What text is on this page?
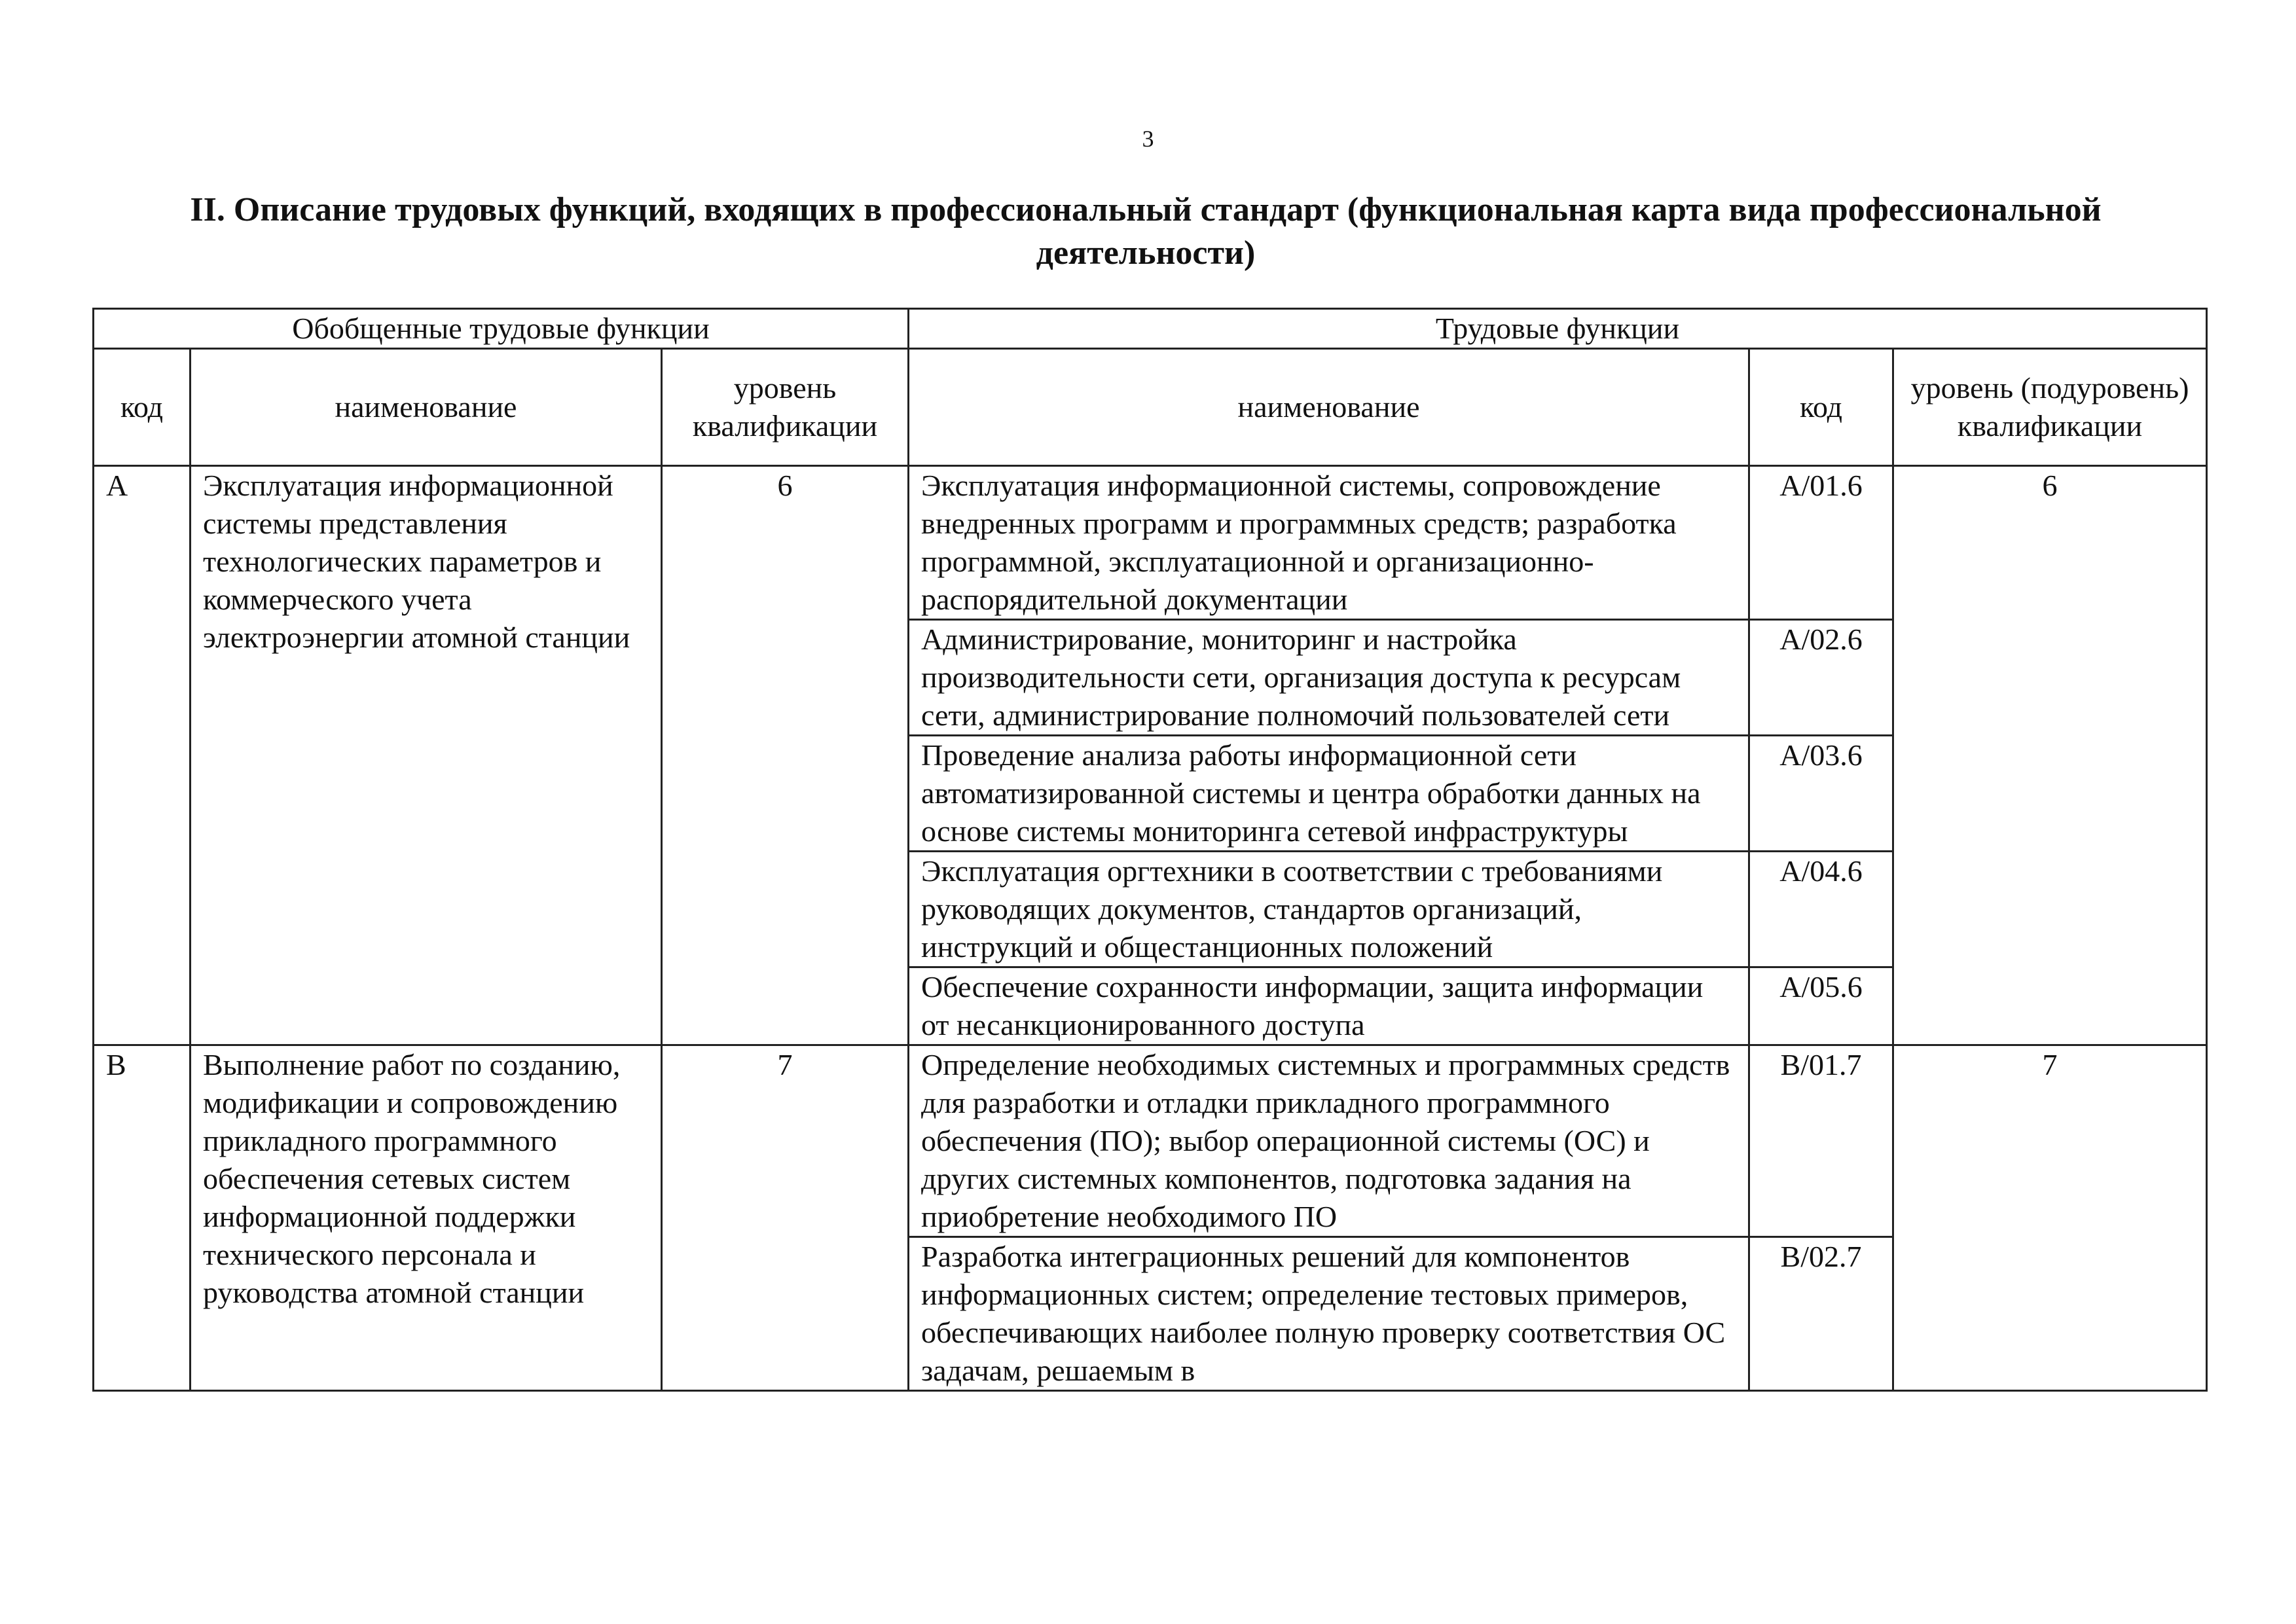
3
II. Описание трудовых функций, входящих в профессиональный стандарт (функциональная карта вида профессиональной деятельности)
Обобщенные трудовые функции			Трудовые функции		
код	наименование	уровень квалификации	наименование	код	уровень (подуровень) квалификации
A	Эксплуатация информационной системы представления технологических параметров и коммерческого учета электроэнергии атомной станции	6	Эксплуатация информационной системы, сопровождение внедренных программ и программных средств; разработка программной, эксплуатационной и организационно-распорядительной документации	A/01.6	6
			Администрирование, мониторинг и настройка производительности сети, организация доступа к ресурсам сети, администрирование полномочий пользователей сети	A/02.6	
			Проведение анализа работы информационной сети автоматизированной системы и центра обработки данных на основе системы мониторинга сетевой инфраструктуры	A/03.6	
			Эксплуатация оргтехники в соответствии с требованиями руководящих документов, стандартов организаций, инструкций и общестанционных положений	A/04.6	
			Обеспечение сохранности информации, защита информации от несанкционированного доступа	A/05.6	
B	Выполнение работ по созданию, модификации и сопровождению прикладного программного обеспечения сетевых систем информационной поддержки технического персонала и руководства атомной станции	7	Определение необходимых системных и программных средств для разработки и отладки прикладного программного обеспечения (ПО); выбор операционной системы (ОС) и других системных компонентов, подготовка задания на приобретение необходимого ПО	B/01.7	7
			Разработка интеграционных решений для компонентов информационных систем; определение тестовых примеров, обеспечивающих наиболее полную проверку соответствия ОС задачам, решаемым в	B/02.7	
